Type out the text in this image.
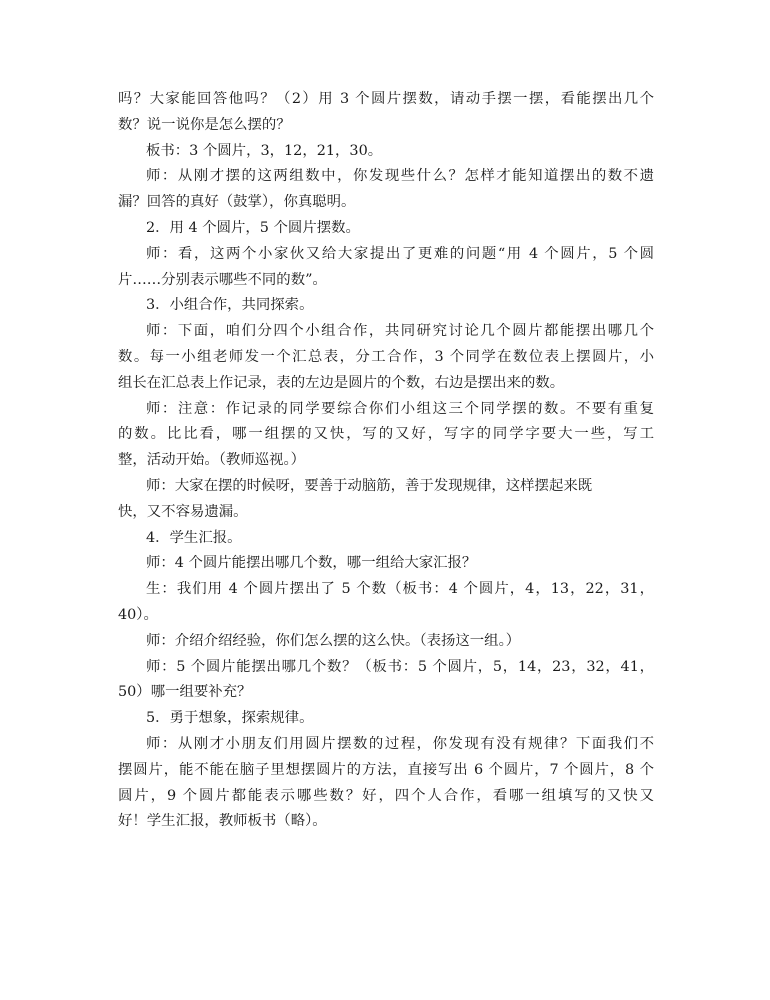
吗？大家能回答他吗？（2）用 3 个圆片摆数，请动手摆一摆，看能摆出几个
数？说一说你是怎么摆的？
板书：3 个圆片，3，12，21，30。
师：从刚才摆的这两组数中，你发现些什么？怎样才能知道摆出的数不遗
漏？回答的真好（鼓掌），你真聪明。
2．用 4 个圆片，5 个圆片摆数。
师：看，这两个小家伙又给大家提出了更难的问题“用 4 个圆片，5 个圆
片……分别表示哪些不同的数”。
3．小组合作，共同探索。
师：下面，咱们分四个小组合作，共同研究讨论几个圆片都能摆出哪几个
数。每一小组老师发一个汇总表，分工合作，3 个同学在数位表上摆圆片，小
组长在汇总表上作记录，表的左边是圆片的个数，右边是摆出来的数。
师：注意：作记录的同学要综合你们小组这三个同学摆的数。不要有重复
的数。比比看，哪一组摆的又快，写的又好，写字的同学字要大一些，写工
整，活动开始。（教师巡视。）
师：大家在摆的时候呀，要善于动脑筋，善于发现规律，这样摆起来既
快，又不容易遗漏。
4．学生汇报。
师：4 个圆片能摆出哪几个数，哪一组给大家汇报？
生：我们用 4 个圆片摆出了 5 个数（板书：4 个圆片，4，13，22，31，
40）。
师：介绍介绍经验，你们怎么摆的这么快。（表扬这一组。）
师：5 个圆片能摆出哪几个数？（板书：5 个圆片，5，14，23，32，41，
50）哪一组要补充？
5．勇于想象，探索规律。
师：从刚才小朋友们用圆片摆数的过程，你发现有没有规律？下面我们不
摆圆片，能不能在脑子里想摆圆片的方法，直接写出 6 个圆片，7 个圆片，8 个
圆片，9 个圆片都能表示哪些数？好，四个人合作，看哪一组填写的又快又
好！学生汇报，教师板书（略）。
